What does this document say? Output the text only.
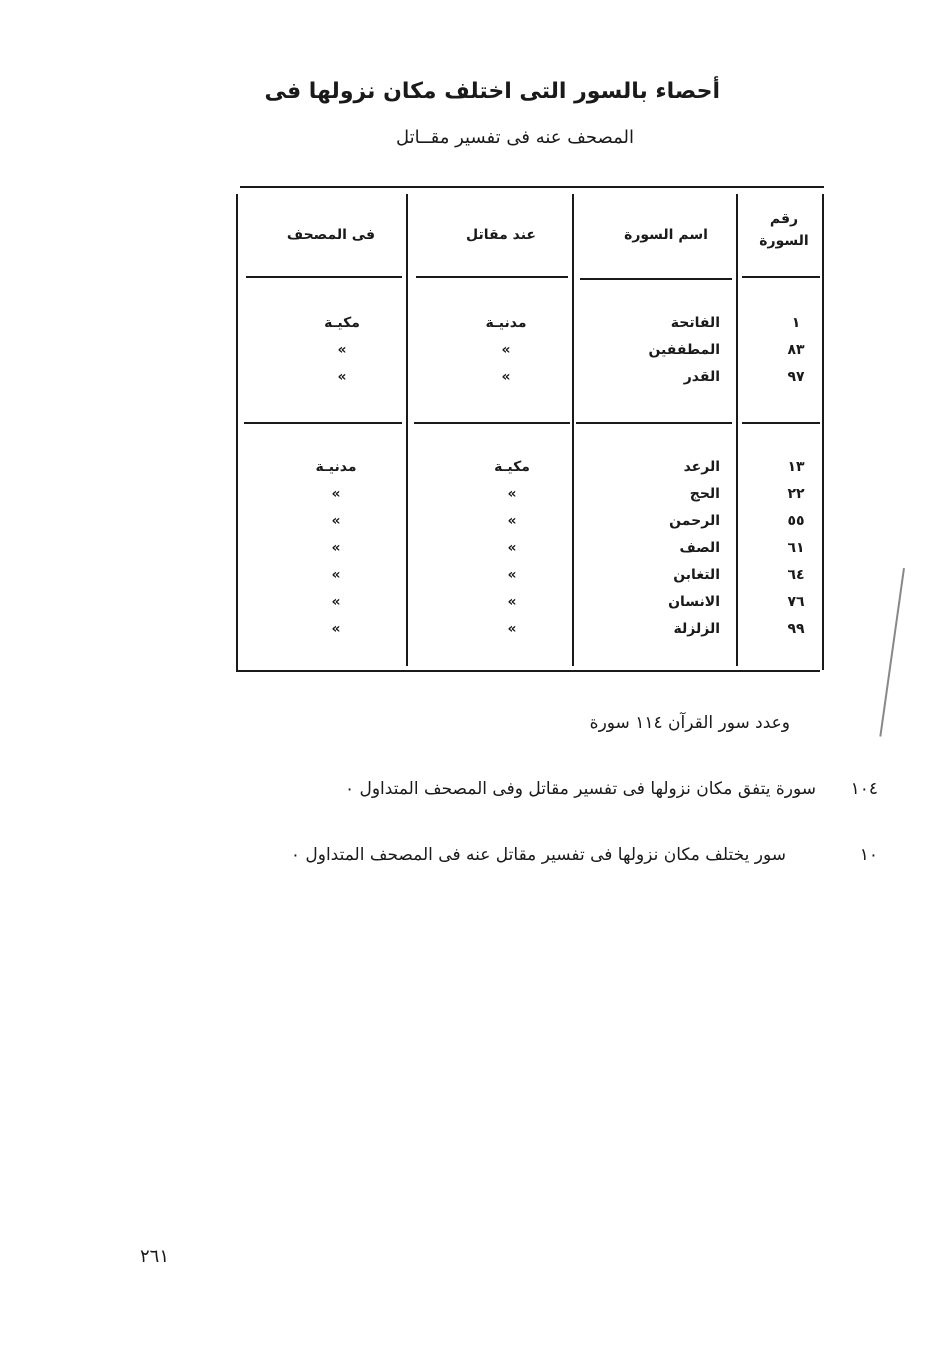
أحصاء بالسور التى اختلف مكان نزولها فى
المصحف عنه فى تفسير مقــاتل
رقم السورة
اسم السورة
عند مقاتل
فى المصحف
١
الفاتحة
مدنيـة
مكيـة
٨٣
المطففين
»
»
٩٧
القدر
»
»
١٣
الرعد
مكيـة
مدنيـة
٢٢
الحج
»
»
٥٥
الرحمن
»
»
٦١
الصف
»
»
٦٤
التغابن
»
»
٧٦
الانسان
»
»
٩٩
الزلزلة
»
»
وعدد سور القرآن ١١٤ سورة
١٠٤
سورة يتفق مكان نزولها فى تفسير مقاتل وفى المصحف المتداول ٠
١٠
سور يختلف مكان نزولها فى تفسير مقاتل عنه فى المصحف المتداول ٠
٢٦١
